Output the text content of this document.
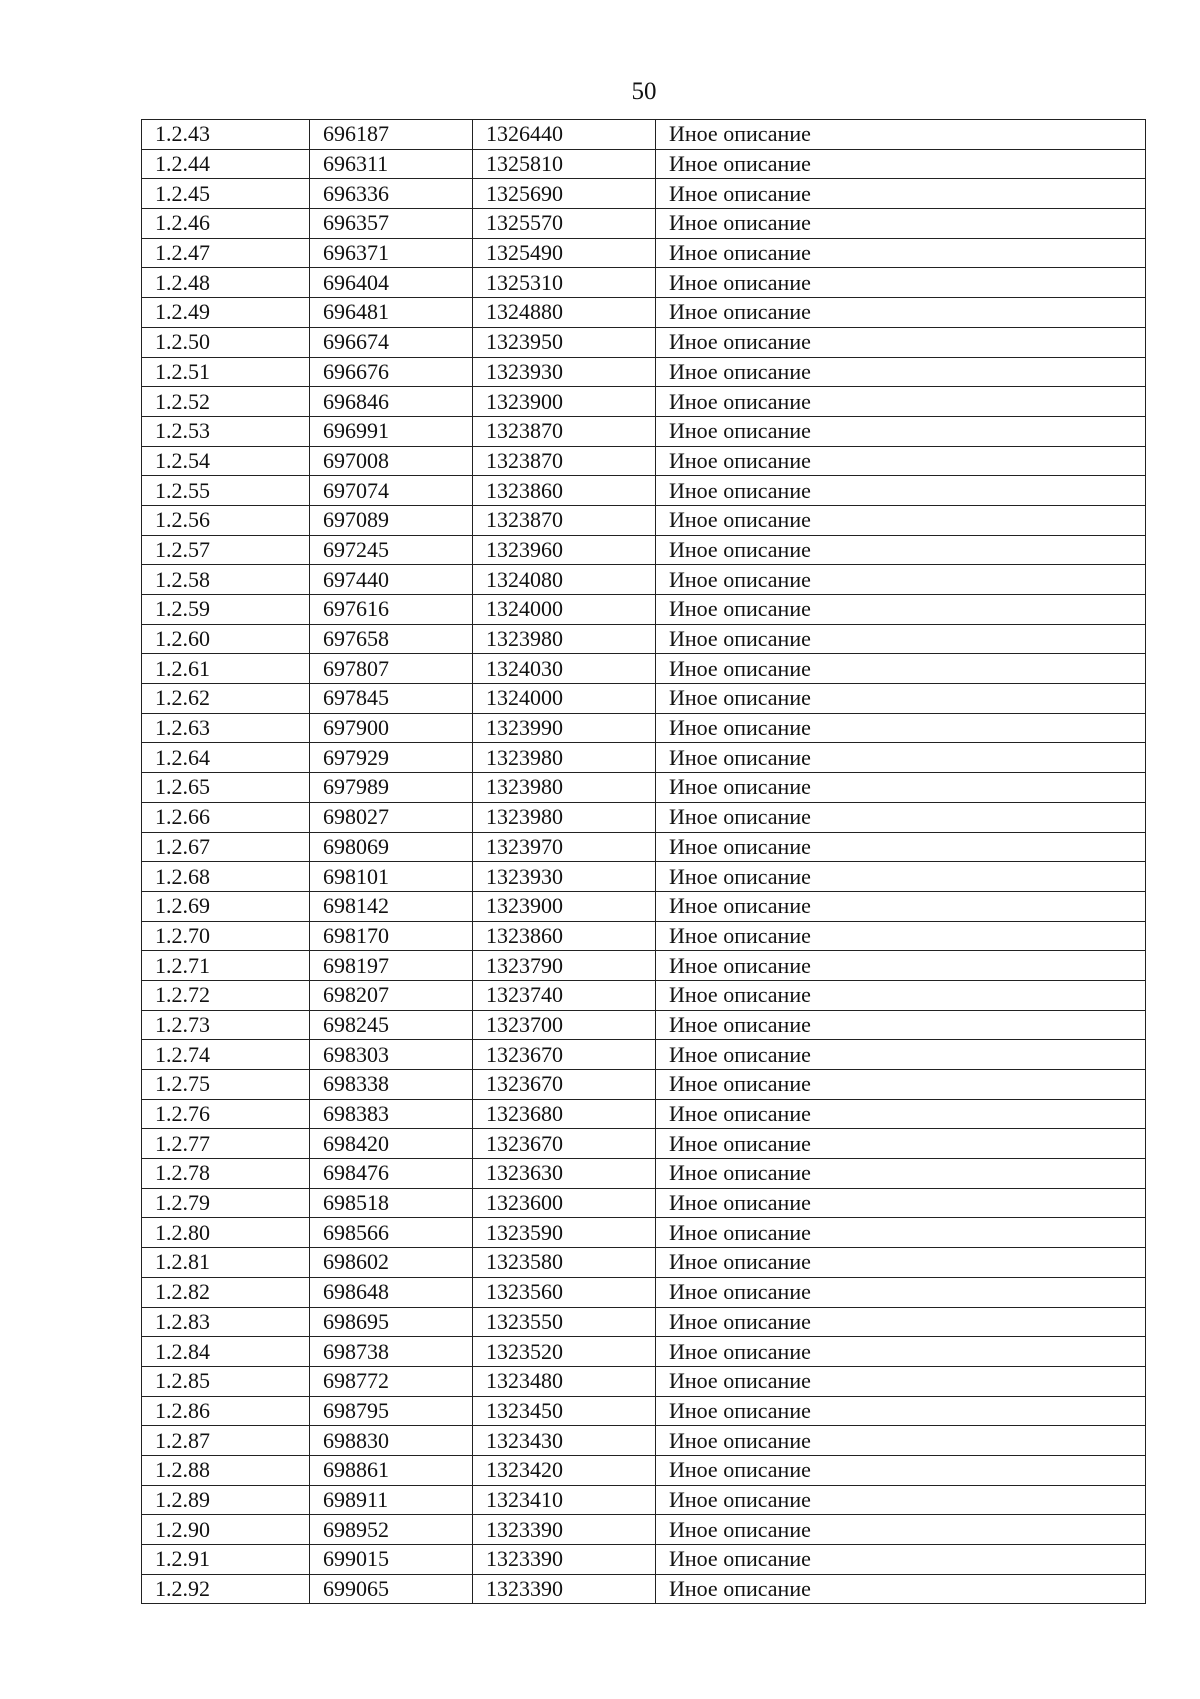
50
1.2.43	696187	1326440	Иное описание
1.2.44	696311	1325810	Иное описание
1.2.45	696336	1325690	Иное описание
1.2.46	696357	1325570	Иное описание
1.2.47	696371	1325490	Иное описание
1.2.48	696404	1325310	Иное описание
1.2.49	696481	1324880	Иное описание
1.2.50	696674	1323950	Иное описание
1.2.51	696676	1323930	Иное описание
1.2.52	696846	1323900	Иное описание
1.2.53	696991	1323870	Иное описание
1.2.54	697008	1323870	Иное описание
1.2.55	697074	1323860	Иное описание
1.2.56	697089	1323870	Иное описание
1.2.57	697245	1323960	Иное описание
1.2.58	697440	1324080	Иное описание
1.2.59	697616	1324000	Иное описание
1.2.60	697658	1323980	Иное описание
1.2.61	697807	1324030	Иное описание
1.2.62	697845	1324000	Иное описание
1.2.63	697900	1323990	Иное описание
1.2.64	697929	1323980	Иное описание
1.2.65	697989	1323980	Иное описание
1.2.66	698027	1323980	Иное описание
1.2.67	698069	1323970	Иное описание
1.2.68	698101	1323930	Иное описание
1.2.69	698142	1323900	Иное описание
1.2.70	698170	1323860	Иное описание
1.2.71	698197	1323790	Иное описание
1.2.72	698207	1323740	Иное описание
1.2.73	698245	1323700	Иное описание
1.2.74	698303	1323670	Иное описание
1.2.75	698338	1323670	Иное описание
1.2.76	698383	1323680	Иное описание
1.2.77	698420	1323670	Иное описание
1.2.78	698476	1323630	Иное описание
1.2.79	698518	1323600	Иное описание
1.2.80	698566	1323590	Иное описание
1.2.81	698602	1323580	Иное описание
1.2.82	698648	1323560	Иное описание
1.2.83	698695	1323550	Иное описание
1.2.84	698738	1323520	Иное описание
1.2.85	698772	1323480	Иное описание
1.2.86	698795	1323450	Иное описание
1.2.87	698830	1323430	Иное описание
1.2.88	698861	1323420	Иное описание
1.2.89	698911	1323410	Иное описание
1.2.90	698952	1323390	Иное описание
1.2.91	699015	1323390	Иное описание
1.2.92	699065	1323390	Иное описание
